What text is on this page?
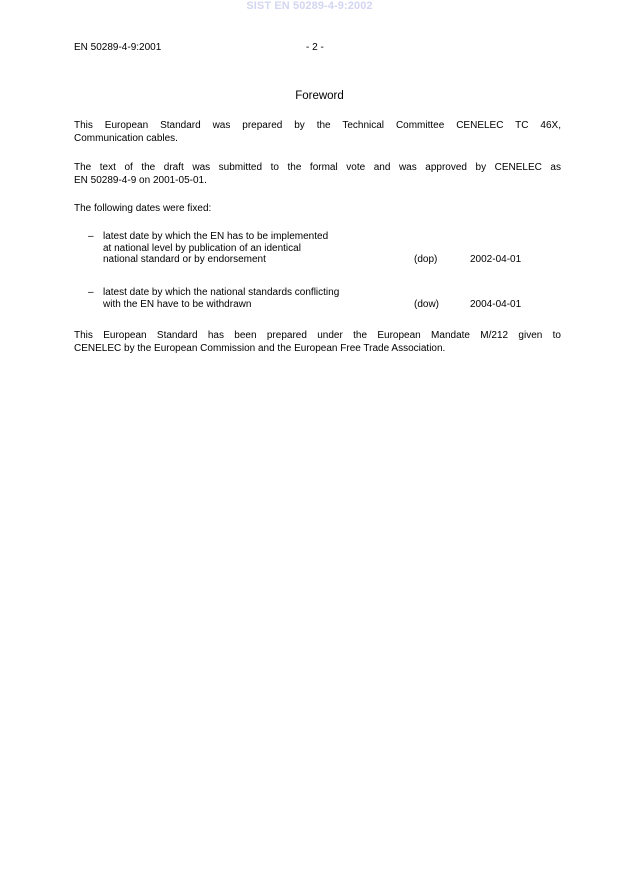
SIST EN 50289-4-9:2002
EN 50289-4-9:2001	- 2 -
Foreword
This European Standard was prepared by the Technical Committee CENELEC TC 46X,
Communication cables.
The text of the draft was submitted to the formal vote and was approved by CENELEC as
EN 50289-4-9 on 2001-05-01.
The following dates were fixed:
– latest date by which the EN has to be implemented
at national level by publication of an identical
national standard or by endorsement	(dop)	2002-04-01
– latest date by which the national standards conflicting
with the EN have to be withdrawn	(dow)	2004-04-01
This European Standard has been prepared under the European Mandate M/212 given to
CENELEC by the European Commission and the European Free Trade Association.
